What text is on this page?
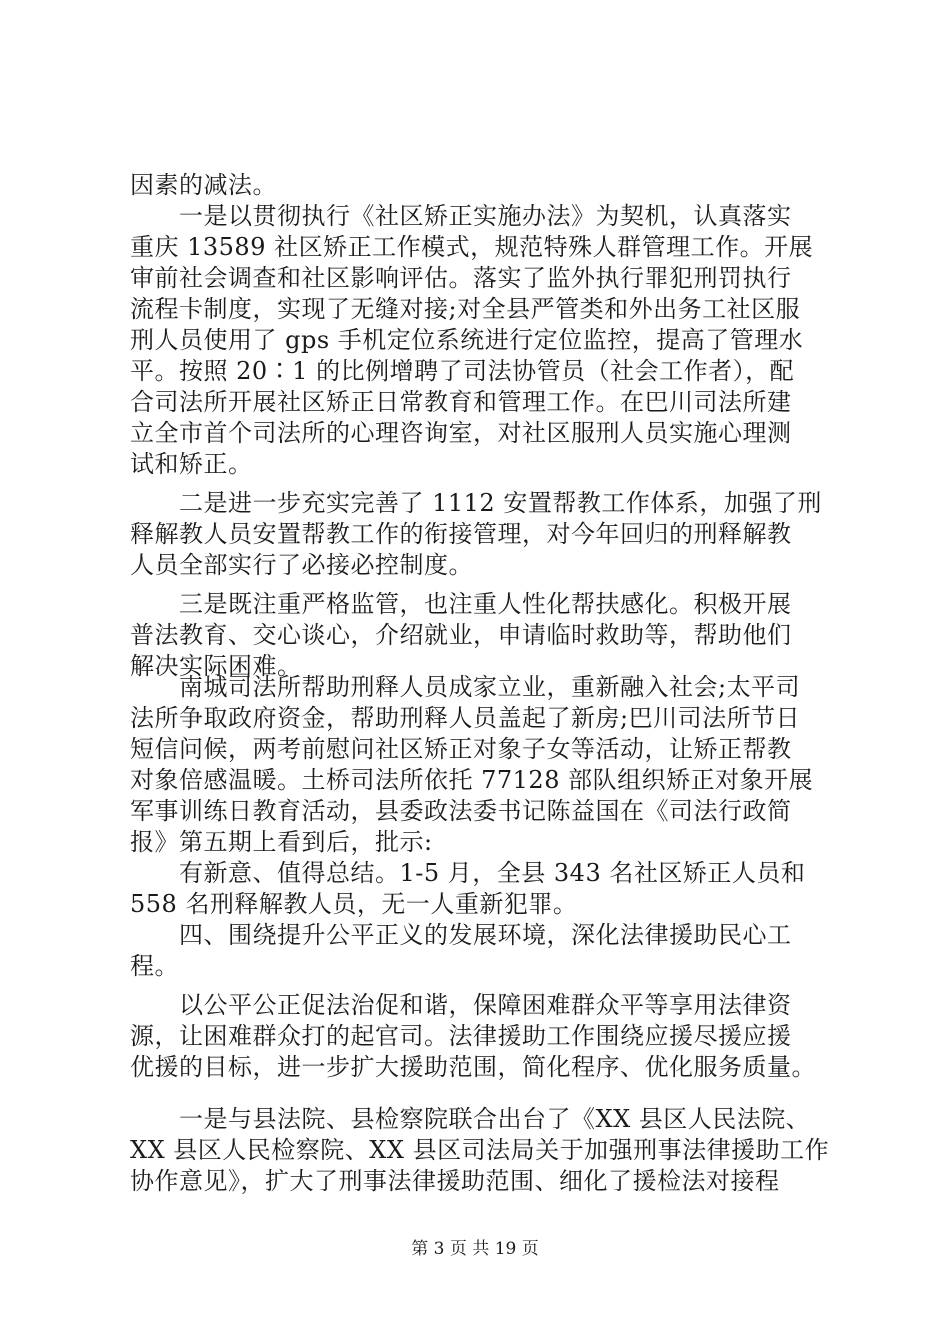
因素的减法。
　　一是以贯彻执行《社区矫正实施办法》为契机，认真落实
重庆 13589 社区矫正工作模式，规范特殊人群管理工作。开展
审前社会调查和社区影响评估。落实了监外执行罪犯刑罚执行
流程卡制度，实现了无缝对接;对全县严管类和外出务工社区服
刑人员使用了 gps 手机定位系统进行定位监控，提高了管理水
平。按照 20∶1 的比例增聘了司法协管员（社会工作者），配
合司法所开展社区矫正日常教育和管理工作。在巴川司法所建
立全市首个司法所的心理咨询室，对社区服刑人员实施心理测
试和矫正。
　　二是进一步充实完善了 1112 安置帮教工作体系，加强了刑
释解教人员安置帮教工作的衔接管理，对今年回归的刑释解教
人员全部实行了必接必控制度。
　　三是既注重严格监管，也注重人性化帮扶感化。积极开展
普法教育、交心谈心，介绍就业，申请临时救助等，帮助他们
解决实际困难。
　　南城司法所帮助刑释人员成家立业，重新融入社会;太平司
法所争取政府资金，帮助刑释人员盖起了新房;巴川司法所节日
短信问候，两考前慰问社区矫正对象子女等活动，让矫正帮教
对象倍感温暖。土桥司法所依托 77128 部队组织矫正对象开展
军事训练日教育活动，县委政法委书记陈益国在《司法行政简
报》第五期上看到后，批示:
　　有新意、值得总结。1-5 月，全县 343 名社区矫正人员和
558 名刑释解教人员，无一人重新犯罪。
　　四、围绕提升公平正义的发展环境，深化法律援助民心工
程。
　　以公平公正促法治促和谐，保障困难群众平等享用法律资
源，让困难群众打的起官司。法律援助工作围绕应援尽援应援
优援的目标，进一步扩大援助范围，简化程序、优化服务质量。
　　一是与县法院、县检察院联合出台了《XX 县区人民法院、
XX 县区人民检察院、XX 县区司法局关于加强刑事法律援助工作
协作意见》，扩大了刑事法律援助范围、细化了援检法对接程
第 3 页 共 19 页
